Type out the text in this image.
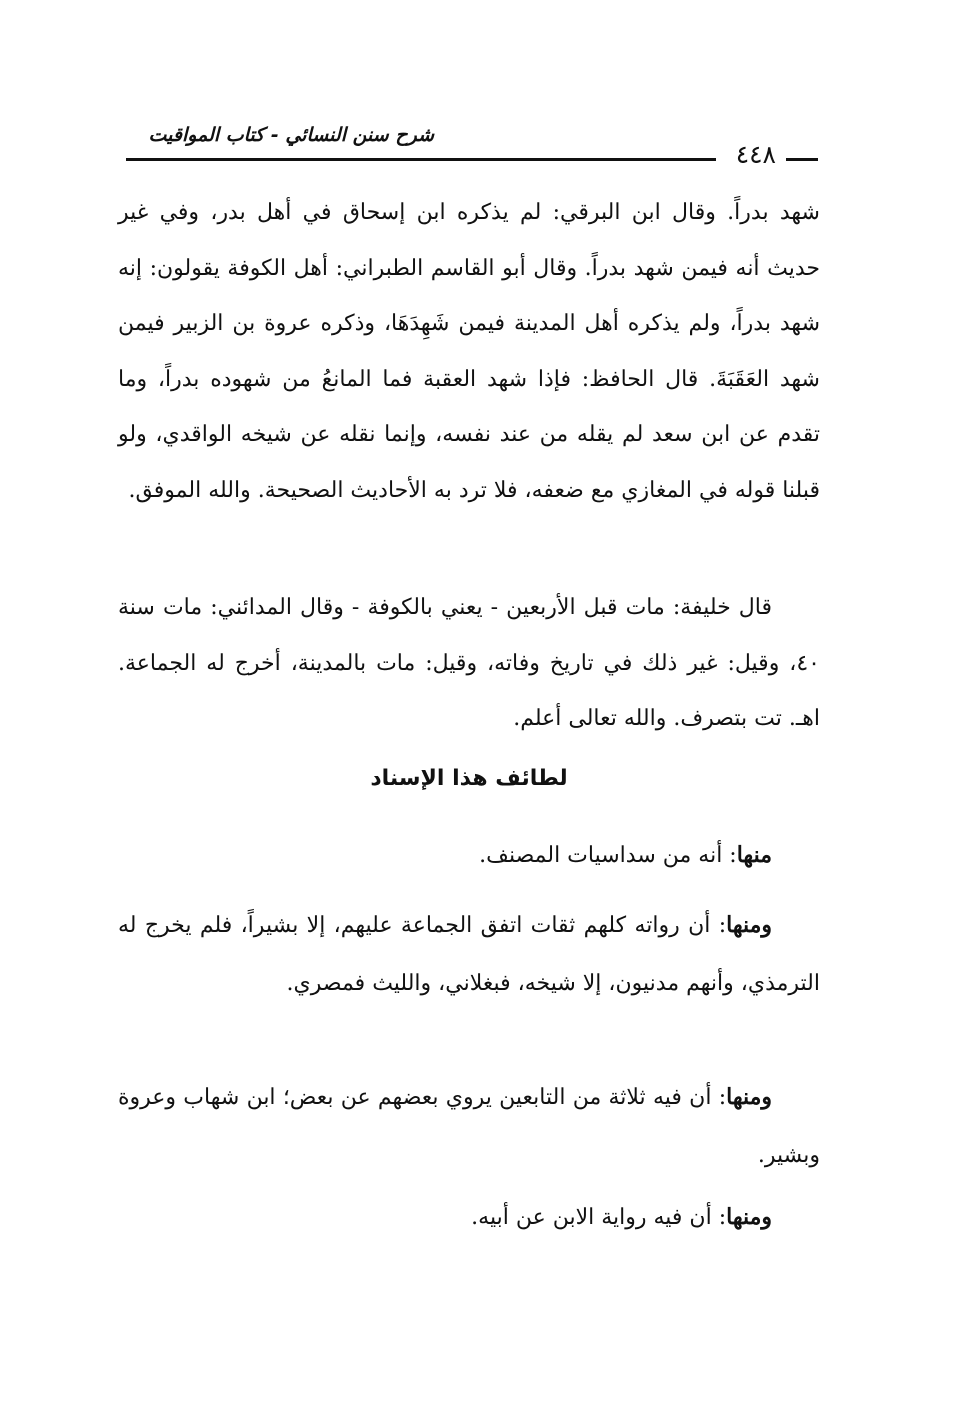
شرح سنن النسائي - كتاب المواقيت
٤٤٨

شهد بدراً. وقال ابن البرقي: لم يذكره ابن إسحاق في أهل بدر، وفي غير حديث أنه فيمن شهد بدراً. وقال أبو القاسم الطبراني: أهل الكوفة يقولون: إنه شهد بدراً، ولم يذكره أهل المدينة فيمن شَهِدَهَا، وذكره عروة بن الزبير فيمن شهد العَقَبَةَ. قال الحافظ: فإذا شهد العقبة فما المانعُ من شهوده بدراً، وما تقدم عن ابن سعد لم يقله من عند نفسه، وإنما نقله عن شيخه الواقدي، ولو قبلنا قوله في المغازي مع ضعفه، فلا ترد به الأحاديث الصحيحة. والله الموفق.

قال خليفة: مات قبل الأربعين - يعني بالكوفة - وقال المدائني: مات سنة ٤٠، وقيل: غير ذلك في تاريخ وفاته، وقيل: مات بالمدينة، أخرج له الجماعة. اهـ. تت بتصرف. والله تعالى أعلم.

لطائف هذا الإسناد

منها: أنه من سداسيات المصنف.

ومنها: أن رواته كلهم ثقات اتفق الجماعة عليهم، إلا بشيراً، فلم يخرج له الترمذي، وأنهم مدنيون، إلا شيخه، فبغلاني، والليث فمصري.

ومنها: أن فيه ثلاثة من التابعين يروي بعضهم عن بعض؛ ابن شهاب وعروة وبشير.

ومنها: أن فيه رواية الابن عن أبيه.
